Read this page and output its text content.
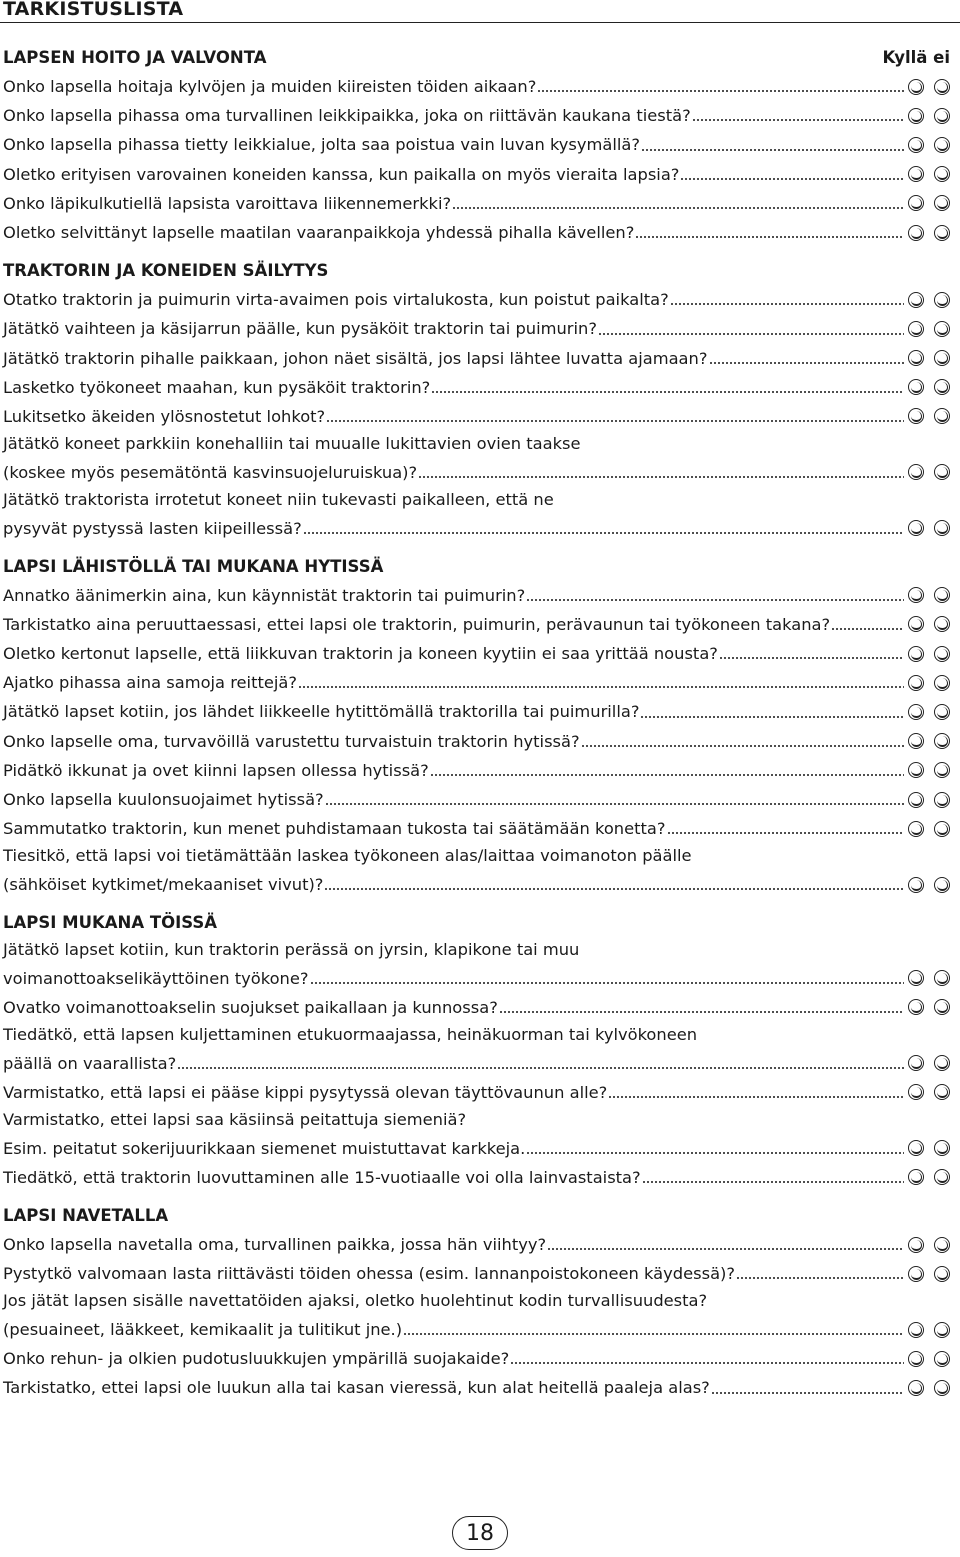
TARKISTUSLISTA
LAPSEN HOITO JA VALVONTA	Kyllä ei
Onko lapsella hoitaja kylvöjen ja muiden kiireisten töiden aikaan?
Onko lapsella pihassa oma turvallinen leikkipaikka, joka on riittävän kaukana tiestä?
Onko lapsella pihassa tietty leikkialue, jolta saa poistua vain luvan kysymällä?
Oletko erityisen varovainen koneiden kanssa, kun paikalla on myös vieraita lapsia?
Onko läpikulkutiellä lapsista varoittava liikennemerkki?
Oletko selvittänyt lapselle maatilan vaaranpaikkoja yhdessä pihalla kävellen?
TRAKTORIN JA KONEIDEN SÄILYTYS
Otatko traktorin ja puimurin virta-avaimen pois virtalukosta, kun poistut paikalta?
Jätätkö vaihteen ja käsijarrun päälle, kun pysäköit traktorin tai puimurin?
Jätätkö traktorin pihalle paikkaan, johon näet sisältä, jos lapsi lähtee luvatta ajamaan?
Lasketko työkoneet maahan, kun pysäköit traktorin?
Lukitsetko äkeiden ylösnostetut lohkot?
Jätätkö koneet parkkiin konehalliin tai muualle lukittavien ovien taakse
(koskee myös pesemätöntä kasvinsuojeluruiskua)?
Jätätkö traktorista irrotetut koneet niin tukevasti paikalleen, että ne
pysyvät pystyssä lasten kiipeillessä?
LAPSI LÄHISTÖLLÄ TAI MUKANA HYTISSÄ
Annatko äänimerkin aina, kun käynnistät traktorin tai puimurin?
Tarkistatko aina peruuttaessasi, ettei lapsi ole traktorin, puimurin, perävaunun tai työkoneen takana?
Oletko kertonut lapselle, että liikkuvan traktorin ja koneen kyytiin ei saa yrittää nousta?
Ajatko pihassa aina samoja reittejä?
Jätätkö lapset kotiin, jos lähdet liikkeelle hytittömällä traktorilla tai puimurilla?
Onko lapselle oma, turvavöillä varustettu turvaistuin traktorin hytissä?
Pidätkö ikkunat ja ovet kiinni lapsen ollessa hytissä?
Onko lapsella kuulonsuojaimet hytissä?
Sammutatko traktorin, kun menet puhdistamaan tukosta tai säätämään konetta?
Tiesitkö, että lapsi voi tietämättään laskea työkoneen alas/laittaa voimanoton päälle
(sähköiset kytkimet/mekaaniset vivut)?
LAPSI MUKANA TÖISSÄ
Jätätkö lapset kotiin, kun traktorin perässä on jyrsin, klapikone tai muu
voimanottoakselikäyttöinen työkone?
Ovatko voimanottoakselin suojukset paikallaan ja kunnossa?
Tiedätkö, että lapsen kuljettaminen etukuormaajassa, heinäkuorman tai kylvökoneen
päällä on vaarallista?
Varmistatko, että lapsi ei pääse kippi pysytyssä olevan täyttövaunun alle?
Varmistatko, ettei lapsi saa käsiinsä peitattuja siemeniä?
Esim. peitatut sokerijuurikkaan siemenet muistuttavat karkkeja.
Tiedätkö, että traktorin luovuttaminen alle 15-vuotiaalle voi olla lainvastaista?
LAPSI NAVETALLA
Onko lapsella navetalla oma, turvallinen paikka, jossa hän viihtyy?
Pystytkö valvomaan lasta riittävästi töiden ohessa (esim. lannanpoistokoneen käydessä)?
Jos jätät lapsen sisälle navettatöiden ajaksi, oletko huolehtinut kodin turvallisuudesta?
(pesuaineet, lääkkeet, kemikaalit ja tulitikut jne.)
Onko rehun- ja olkien pudotusluukkujen ympärillä suojakaide?
Tarkistatko, ettei lapsi ole luukun alla tai kasan vieressä, kun alat heitellä paaleja alas?
18
